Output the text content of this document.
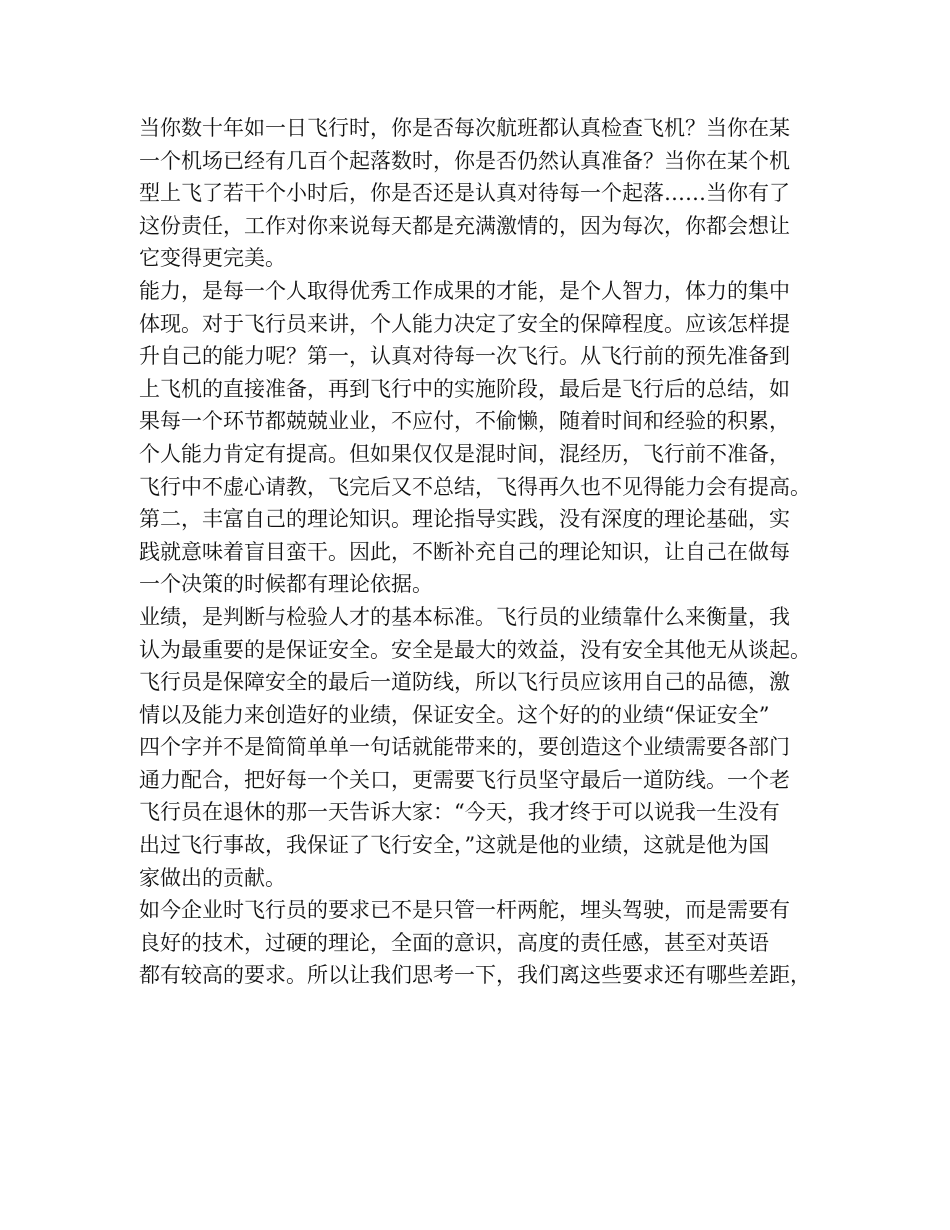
当你数十年如一日飞行时，你是否每次航班都认真检查飞机？当你在某
一个机场已经有几百个起落数时，你是否仍然认真准备？当你在某个机
型上飞了若干个小时后，你是否还是认真对待每一个起落……当你有了
这份责任，工作对你来说每天都是充满激情的，因为每次，你都会想让
它变得更完美。
能力，是每一个人取得优秀工作成果的才能，是个人智力，体力的集中
体现。对于飞行员来讲，个人能力决定了安全的保障程度。应该怎样提
升自己的能力呢？第一，认真对待每一次飞行。从飞行前的预先准备到
上飞机的直接准备，再到飞行中的实施阶段，最后是飞行后的总结，如
果每一个环节都兢兢业业，不应付，不偷懒，随着时间和经验的积累，
个人能力肯定有提高。但如果仅仅是混时间，混经历，飞行前不准备，
飞行中不虚心请教，飞完后又不总结，飞得再久也不见得能力会有提高。
第二，丰富自己的理论知识。理论指导实践，没有深度的理论基础，实
践就意味着盲目蛮干。因此，不断补充自己的理论知识，让自己在做每
一个决策的时候都有理论依据。
业绩，是判断与检验人才的基本标准。飞行员的业绩靠什么来衡量，我
认为最重要的是保证安全。安全是最大的效益，没有安全其他无从谈起。
飞行员是保障安全的最后一道防线，所以飞行员应该用自己的品德，激
情以及能力来创造好的业绩，保证安全。这个好的的业绩“保证安全”
四个字并不是简简单单一句话就能带来的，要创造这个业绩需要各部门
通力配合，把好每一个关口，更需要飞行员坚守最后一道防线。一个老
飞行员在退休的那一天告诉大家：“今天，我才终于可以说我一生没有
出过飞行事故，我保证了飞行安全，”这就是他的业绩，这就是他为国
家做出的贡献。
如今企业时飞行员的要求已不是只管一杆两舵，埋头驾驶，而是需要有
良好的技术，过硬的理论，全面的意识，高度的责任感，甚至对英语
都有较高的要求。所以让我们思考一下，我们离这些要求还有哪些差距，
